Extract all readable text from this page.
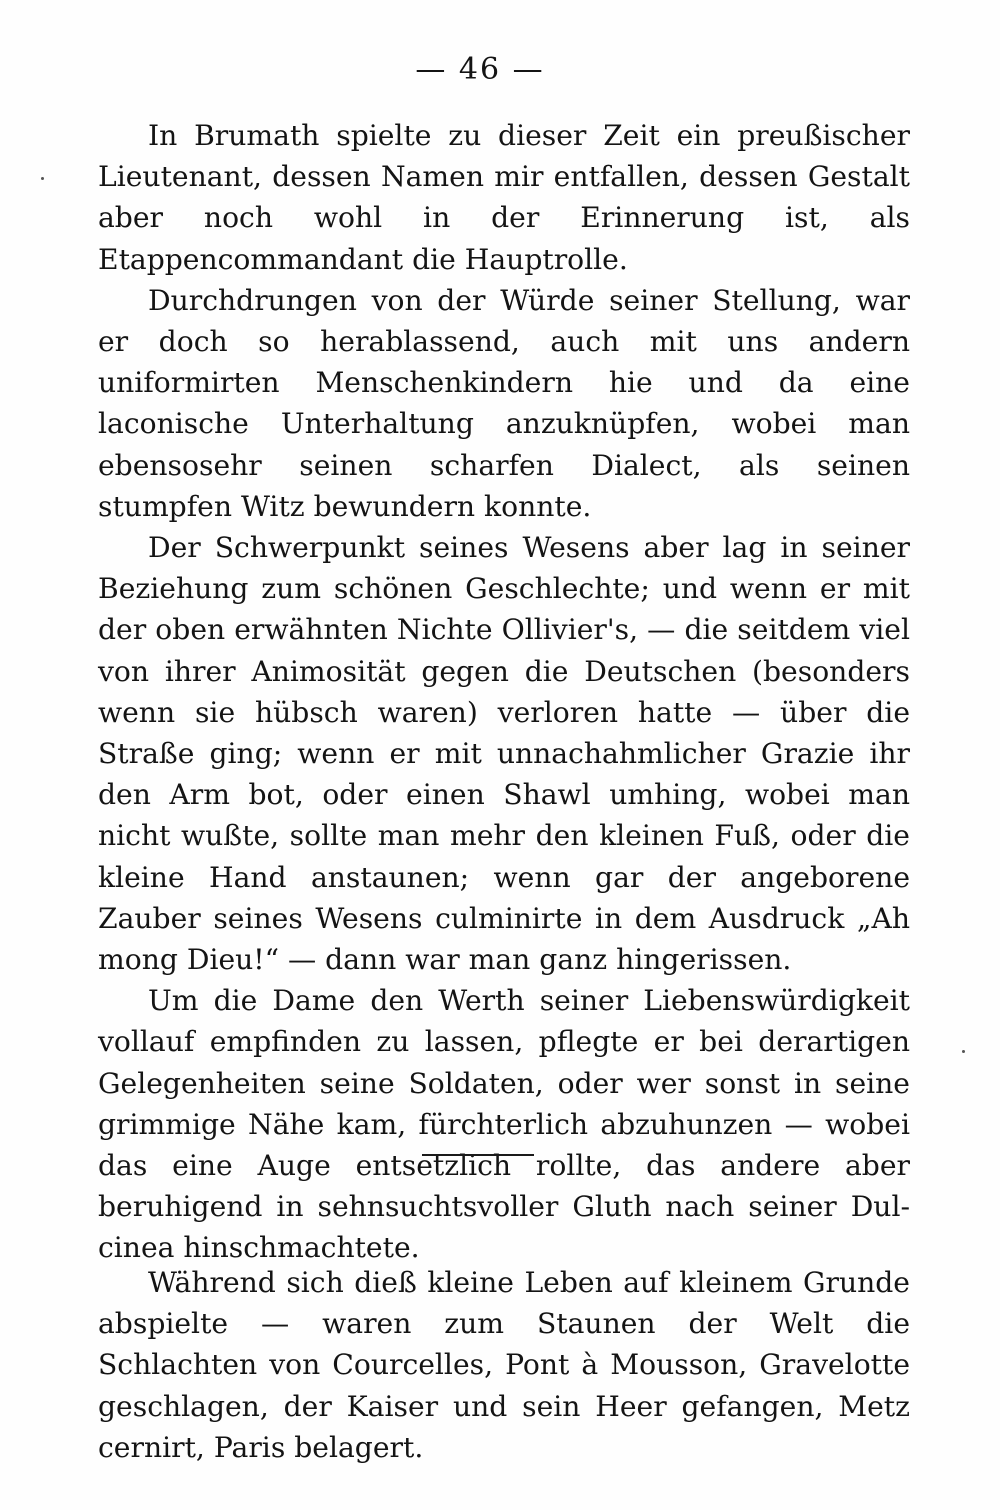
— 46 —

In Brumath spielte zu dieser Zeit ein preußischer Lieutenant, dessen Namen mir entfallen, dessen Gestalt aber noch wohl in der Erinnerung ist, als Etappencommandant die Hauptrolle.

Durchdrungen von der Würde seiner Stellung, war er doch so herablassend, auch mit uns andern uniformirten Menschenkindern hie und da eine laconische Unterhaltung anzuknüpfen, wobei man ebensosehr seinen scharfen Dialect, als seinen stumpfen Witz bewundern konnte.

Der Schwerpunkt seines Wesens aber lag in seiner Beziehung zum schönen Geschlechte; und wenn er mit der oben erwähnten Nichte Ollivier's, — die seitdem viel von ihrer Animosität gegen die Deutschen (besonders wenn sie hübsch waren) verloren hatte — über die Straße ging; wenn er mit unnachahmlicher Grazie ihr den Arm bot, oder einen Shawl umhing, wobei man nicht wußte, sollte man mehr den kleinen Fuß, oder die kleine Hand anstaunen; wenn gar der angeborene Zauber seines Wesens culminirte in dem Ausdruck „Ah mong Dieu!“ — dann war man ganz hingerissen.

Um die Dame den Werth seiner Liebenswürdigkeit vollauf empfinden zu lassen, pflegte er bei derartigen Gelegenheiten seine Soldaten, oder wer sonst in seine grimmige Nähe kam, fürchterlich abzuhunzen — wobei das eine Auge entsetzlich rollte, das andere aber beruhigend in sehnsuchtsvoller Gluth nach seiner Dulcinea hinschmachtete.

Während sich dieß kleine Leben auf kleinem Grunde abspielte — waren zum Staunen der Welt die Schlachten von Courcelles, Pont à Mousson, Gravelotte geschlagen, der Kaiser und sein Heer gefangen, Metz cernirt, Paris belagert.
